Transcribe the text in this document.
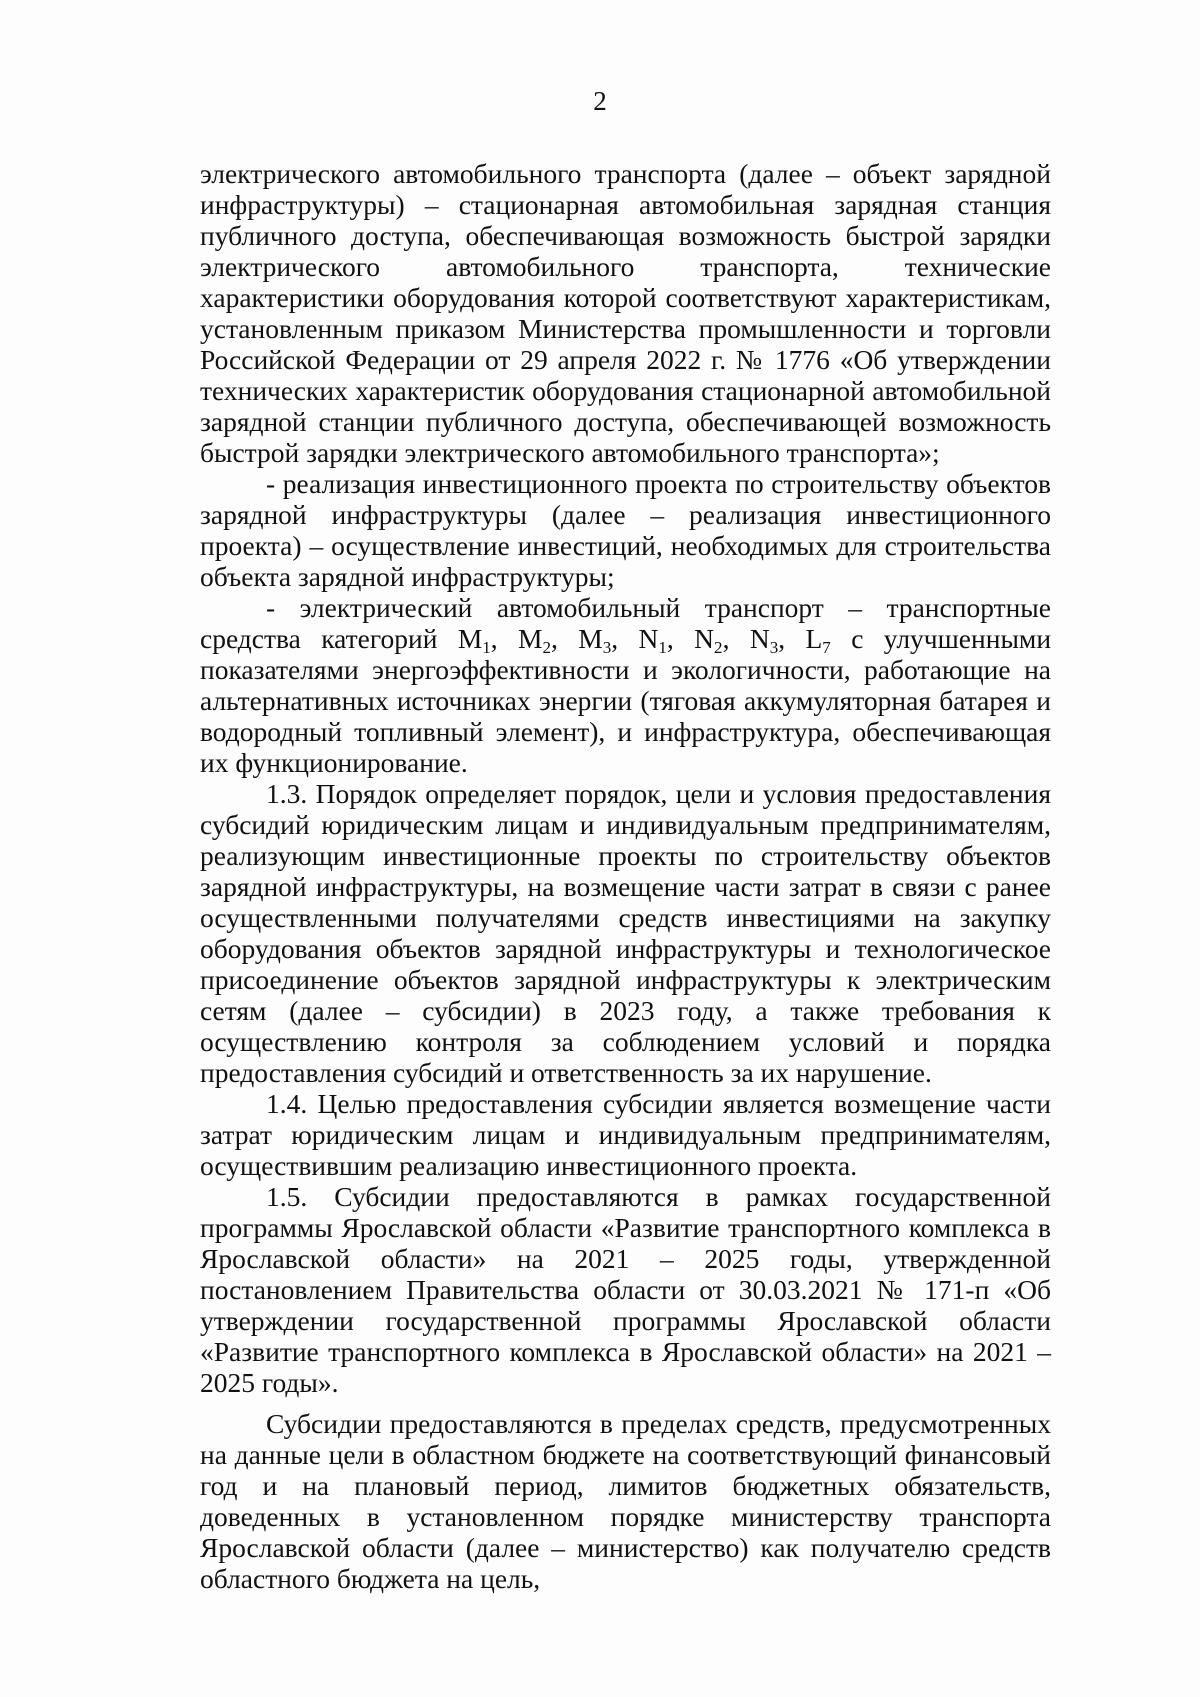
2

электрического автомобильного транспорта (далее – объект зарядной инфраструктуры) – стационарная автомобильная зарядная станция публичного доступа, обеспечивающая возможность быстрой зарядки электрического автомобильного транспорта, технические характеристики оборудования которой соответствуют характеристикам, установленным приказом Министерства промышленности и торговли Российской Федерации от 29 апреля 2022 г. № 1776 «Об утверждении технических характеристик оборудования стационарной автомобильной зарядной станции публичного доступа, обеспечивающей возможность быстрой зарядки электрического автомобильного транспорта»;

- реализация инвестиционного проекта по строительству объектов зарядной инфраструктуры (далее – реализация инвестиционного проекта) – осуществление инвестиций, необходимых для строительства объекта зарядной инфраструктуры;

- электрический автомобильный транспорт – транспортные средства категорий $M_1$, $M_2$, $M_3$, $N_1$, $N_2$, $N_3$, $L_7$ с улучшенными показателями энергоэффективности и экологичности, работающие на альтернативных источниках энергии (тяговая аккумуляторная батарея и водородный топливный элемент), и инфраструктура, обеспечивающая их функционирование.

1.3. Порядок определяет порядок, цели и условия предоставления субсидий юридическим лицам и индивидуальным предпринимателям, реализующим инвестиционные проекты по строительству объектов зарядной инфраструктуры, на возмещение части затрат в связи с ранее осуществленными получателями средств инвестициями на закупку оборудования объектов зарядной инфраструктуры и технологическое присоединение объектов зарядной инфраструктуры к электрическим сетям (далее – субсидии) в 2023 году, а также требования к осуществлению контроля за соблюдением условий и порядка предоставления субсидий и ответственность за их нарушение.

1.4. Целью предоставления субсидии является возмещение части затрат юридическим лицам и индивидуальным предпринимателям, осуществившим реализацию инвестиционного проекта.

1.5. Субсидии предоставляются в рамках государственной программы Ярославской области «Развитие транспортного комплекса в Ярославской области» на 2021 – 2025 годы, утвержденной постановлением Правительства области от 30.03.2021 № 171-п «Об утверждении государственной программы Ярославской области «Развитие транспортного комплекса в Ярославской области» на 2021 – 2025 годы».

Субсидии предоставляются в пределах средств, предусмотренных на данные цели в областном бюджете на соответствующий финансовый год и на плановый период, лимитов бюджетных обязательств, доведенных в установленном порядке министерству транспорта Ярославской области (далее – министерство) как получателю средств областного бюджета на цель,
